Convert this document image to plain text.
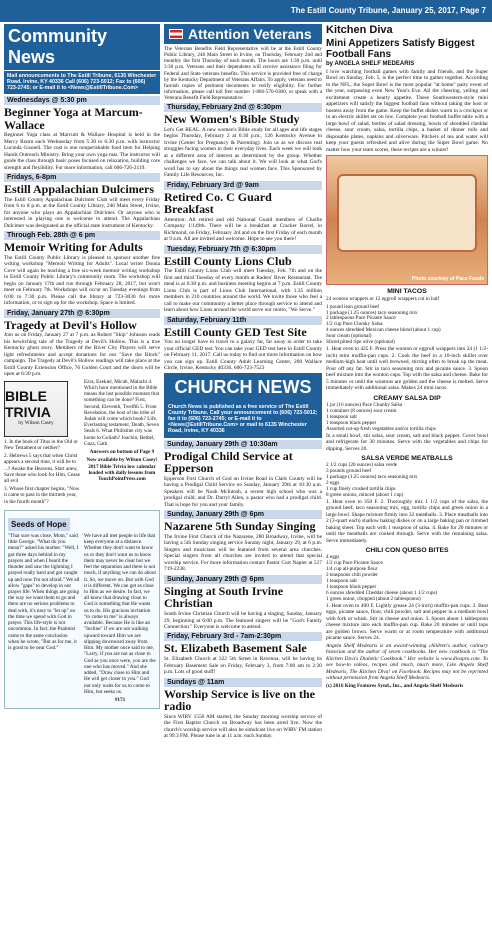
The Estill County Tribune, January 25, 2017, Page 7
Community News
Mail announcements to The Estill Tribune, 6135 Winchester Road, Irvine, KY 40336 Call (606) 723-5012; Fax to (606) 723-2745; or E-mail it to <News@EstillTribune.Com>
Wednesdays @ 5:30 pm
Beginner Yoga at Marcum-Wallace

Beginner Yoga class at Marcum & Wallace Hospital is held in the Mercy Room each Wednesday from 5:30 to 6:30 p.m. with instructor Lucinda Gosnell. The cost is one nonperishable food item for Helping Hands Outreach Ministry. Bring your own yoga mat. The instructor will guide the class through basic poses focused on relaxation, building core strength and flexibility. For more information, call 606-726-2119.

Fridays, 6-8pm
Estill Appalachian Dulcimers

The Estill County Appalachian Dulcimer Club will meet every Friday from 6 to 8 p.m. at the Estill County Library, 246 Main Street, Irvine, for anyone who plays an Appalachian Dulcimer. Or anyone who is interested in playing one is welcome to attend. The Appalachian Dulcimer was designated as the official state instrument of Kentucky.

Through Feb. 28th @ 6 pm
Memoir Writing for Adults

The Estill County Public Library is pleased to sponsor another free writing workshop "Memoir Writing for Adults". Local writer Donna Cove will again be teaching a free six-week memoir writing workshop in Estill County Public Library's community room. The workshop will begin on January 17th and run through February 28, 2017, but won't meet on February 7th. Workshops will occur on Tuesday evenings from 6:00 to 7:30 p.m. Please call the library at 723-3030 for more information, or to sign up for the workshop. Space is limited.

Friday, January 27th @ 6:30pm
Tragedy at Devil's Hollow

Join us on Friday, January 27 at 7 p.m. as Robert "Skip" Johnson reads his bewitching tale of the Tragedy at Devil's Hollow. This is a true Kentucky ghost story. Members of the River City Players will serve light refreshments and accept donations for our "Save the Block" campaign. The Tragedy at Devil's Hollow readings will take place at the Estill County Extension Office, 76 Golden Court and the doors will be open at 6:30 p.m.

BIBLE TRIVIA
by Wilson Casey
1. In the book of Titus in the Old or New Testament or neither?
2. Hebrews 5 says that when Christ appears a second time, it will be to ...? Awake the Heavens, Start anew, Save those who look for Him, Cease all evil
3. Whose first chapter begins, "Now it came to pass in the thirtieth year, in the fourth month"?
Ezra, Ezekiel, Micah, Malachi 4. Which hour mentioned in the Bible means the last possible moment that something can be done? First, Second, Eleventh, Twelfth 5. From Revelation, the host of the tribe of Judah will come which book? Life, Everlasting testament, Death, Seven Seals 6. What Philistine city was home to Goliath? Joachin, Bethel, Gaza, Gath
Answers on bottom of Page 9
Now available by Wilson Casey! 2017 Bible Trivia low calendar loaded with daily lessons from TouchPointPress.com
Seeds of Hope
"That sure was close, Mom," said little George. "What do you mean?" asked his mother. "Well, I got three days behind in my prayers and when I heard the thunder and saw the lightning I prayed really hard and got caught up and now I'm not afraid." We all allow "gaps" to develop in our prayer life. When things are going the way we want them to go and there are no serious problems to deal with, it's easy to "let up" on the time we spend with God in prayer. This life-style is not uncommon. In fact, the Psalmist came to the same conclusion when he wrote, "But as for me, it is good to be near God."
We have all met people in life that keep everyone at a distance. Whether they don't want to know us or they don't want us to know them may never be clear but we feel the separation and there is not much, if anything we can do about it. So, we move on. But with God it is different. We can get as close to Him as we desire. In fact, we all know that drawing close to God is something that He wants us to do. His gracious invitation "to come to me" is always available. Because He is like an "Incline" if we are not walking upward toward Him we are slipping downward away from Him. My mother once said to me, "Larry, if you are not as close to God as you once were, you are the one who has moved." And she added, "Draw close to Him and He will get closer to you." God not only waits for us to come to Him, but seeks us.
#171
Attention Veterans
The Veterans Benefits Field Representative will be at the Estill County Public Library, 246 Main Street in Irvine, on Thursday, February 2nd and monthly the first Thursday of each month. The hours are 1:30 p.m. until 3:30 p.m. Veterans and their dependents will receive assistance filing for Federal and State veterans benefits. This service is provided free of charge by the Kentucky Department of Veterans Affairs. To apply, veterans need to furnish copies of pertinent documents to verify eligibility. For further information, please call toll free number 1-866-570-0300, or speak with a Veterans Benefit Field Representative.
Thursday, February 2nd @ 6:30pm
New Women's Bible Study

Let's Get REAL. A new women's Bible study for all ages and life stages begins Thursday, February 2 at 6:30 p.m., 126 Kentucky Avenue in Irvine (Center for Pregnancy & Parenting). Join us as we discuss real struggles facing women in their everyday lives. Each week we will look at a different area of interest as determined by the group. Whether challenges we face, we can talk about it. We will look at what God's word has to say about the things real women face. This Sponsored by Family Life Resources, Inc.

Friday, February 3rd @ 9am
Retired Co. C Guard Breakfast

Attention: All retired and old National Guard members of Charlie Company 1/149th. There will be a breakfast at Cracker Barrel, in Richmond, on Friday, February 3rd and on the first Friday of each month at 9 a.m. All are invited and welcome. Hope to see you there!

Tuesday, February 7th @ 6:30pm
Estill County Lions Club

The Estill County Lions Club will meet Tuesday, Feb. 7th and on the first and third Tuesday of every month at Raders' River Restaurant. The meal is at 6:30 p.m. and business meeting begins at 7 p.m. Estill County Lions Club is part of Lions Club International, with 1.35 million members in 210 countries around the world. We invite those who feel a call to make our community a better place through service to attend and learn about how Lions around the world serve our motto, "We Serve."

Saturday, February 11th
Estill County GED Test Site

You no longer have to travel to a galaxy far, far away in order to take your official GED test. You can take your GED test here in Estill County on February 11, 2017. Call us today to find out more information on how you can sign up. Estill County Adult Learning Center, 200 Wallace Circle, Irvine, Kentucky 40336, 606-723-7523

CHURCH NEWS
Church News is published as a free service of The Estill County Tribune. Call your announcement to (606) 723-5012; fax it to (606) 723-2745; or E-mail it to <News@EstillTribune.Com> or mail to 6135 Winchester Road, Irvine, KY 40336
Sunday, January 29th @ 10:30am
Prodigal Child Service at Epperson

Epperson First Church of God on Irvine Road in Clark County will be having a Prodigal Child Service on Sunday, January 29th at 10:30 a.m. Speakers will be Noah Mclntosh, a recent high school who was a prodigal child, and Dr. Darryl Allen, a pastor who had a prodigal child. That is hope for you and your family.

Sunday, January 29th @ 6pm
Nazarene 5th Sunday Singing

The Irvine First Church of the Nazarene, 280 Broadway, Irvine, will be having a 5th Sunday singing service Sunday night, January 29, at 6 p.m. Singers and musicians will be featured from several area churches. Special singers from all churches are invited to attend that special worship service. For more information contact Pastor Curt Napier at 517 719-2238.

Sunday, January 29th @ 6pm
Singing at South Irvine Christian

South Irvine Christian Church will be having a singing, Sunday, January 29, beginning at 6:00 p.m. The featured singers will be "God's Family Connection." Everyone is welcome to attend.

Friday, February 3rd - 7am-2:30pm
St. Elizabeth Basement Sale

St. Elizabeth Church at 322 5th Street in Ravenna, will be having its February Basement Sale on Friday, February 3, from 7:00 am to 2:30 p.m. Lots of good stuff!

Sundays @ 11am
Worship Service is live on the radio

Since WIRV 1550 AM started, the Sunday morning worship service of the First Baptist Church on Broadway has been aired live. Now the church's worship service will also be simulcast live on WIRV FM station at 99.3 FM. Please tune in at 11 a.m. each Sunday.

Kitchen Diva
Mini Appetizers Satisfy Biggest Football Fans
by ANGELA SHELF MEDEARIS

I love watching football games with family and friends, and the Super Bowl on Sunday, Feb. 5, is the perfect time to gather together. According to the NFL, the Super Bowl is the most popular "at home" party event of the year, surpassing even New Year's Eve. All the cheering, yelling and excitement create a hearty appetite. These Southwestern-style mini appetizers will satisfy the biggest football fans without taking the host or hostess away from the game. Keep the buffet dishes warm in a crockpot or in an electric skillet set on low. Complete your football buffet table with a large bowl of salad, bottles of salad dressing, bowls of shredded cheddar cheese, sour cream, salsa, tortilla chips, a basket of dinner rolls and disposable plates, napkins and silverware. Pitchers of tea and water will keep your guests refreshed and alive during the Super Bowl game. No matter how your team scores, these recipes are a winner!

Photo courtesy of Pace Foods
MINI TACOS
24 wonton wrappers or 12 eggroll wrappers cut in half
1 pound lean ground beef
1 package (1.25 ounces) taco seasoning mix
2 tablespoons Pace Picante Sauce
1/2 cup Pace Chunky Salsa
4 ounces shredded Mexican cheese blend (about 1 cup)
Sour cream (optional)
Sliced pitted ripe olive (optional)

1. Heat oven to 425 F. Press the wonton or eggroll wrappers into 24 (1 1/2-inch) mini muffin-pan cups. 2. Cook the beef in a 10-inch skillet over medium-high heat until well browned, stirring often to break up the meat. Pour off any fat. Stir in taco seasoning mix and picante sauce. 3. Spoon beef mixture into the wonton cups. Top with the salsa and cheese. Bake for 5 minutes or until the wontons are golden and the cheese is melted. Serve immediately with additional salsa. Makes 24 mini tacos.

CREAMY SALSA DIP
1 jar (16 ounces) Pace Chunky Salsa
1 container (8 ounces) sour cream
1 teaspoon salt
1 teaspoon black pepper
Assorted cut-up fresh vegetables and/or tortilla chips

In a small bowl, stir salsa, sour cream, salt and black pepper. Cover bowl and refrigerate for 30 minutes. Serve with the vegetables and chips for dipping. Serves 20.

SALSA VERDE MEATBALLS
2 1/2 cups (20 ounces) salsa verde
3 pounds ground beef
1 package (1.25 ounces) taco seasoning mix
2 eggs
1 cup finely crushed tortilla chips
8 green onions, minced (about 1 cup)

1. Heat oven to 350 F. 2. Thoroughly mix 1 1/2 cups of the salsa, the ground beef, taco seasoning mix, egg, tortilla chips and green onion in a large bowl. Shape mixture firmly into 32 meatballs. 3. Place meatballs into 2 (3-quart each) shallow baking dishes or on a large baking pan or rimmed baking sheet. Top each with 1 teaspoon of salsa. 4. Bake for 20 minutes or until the meatballs are cooked through. Serve with the remaining salsa. Serve immediately.

CHILI CON QUESO BITES
4 eggs
1/2 cup Pace Picante Sauce
1/4 cup all-purpose flour
2 teaspoons chili powder
1 teaspoon salt
1 teaspoon black pepper
6 ounces shredded Cheddar cheese (about 1 1/2 cups)
1 green onion, chopped (about 2 tablespoons)

1. Heat oven to 400 F. Lightly grease 24 (3-inch) muffin-pan cups. 2. Beat eggs, picante sauce, flour, chili powder, salt and pepper in a medium bowl with fork or whisk. Stir in cheese and onion. 3. Spoon about 1 tablespoon cheese mixture into each muffin-pan cup. Bake 20 minutes or until tops are golden brown. Serve warm or at room temperature with additional picante sauce. Serves 24.

Angela Shelf Medearis is an award-winning children's author, culinary historian and the author of seven cookbooks. Her new cookbook is "The Kitchen Diva's Diabetic Cookbook." Her website is www.divapro.com. To see how-to videos, recipes and much, much more, Like Angela Shelf Medearis, The Kitchen Diva! on Facebook. Recipes may not be reprinted without permission from Angela Shelf Medearis.

(c) 2016 King Features Synd., Inc., and Angela Shelf Medearis
